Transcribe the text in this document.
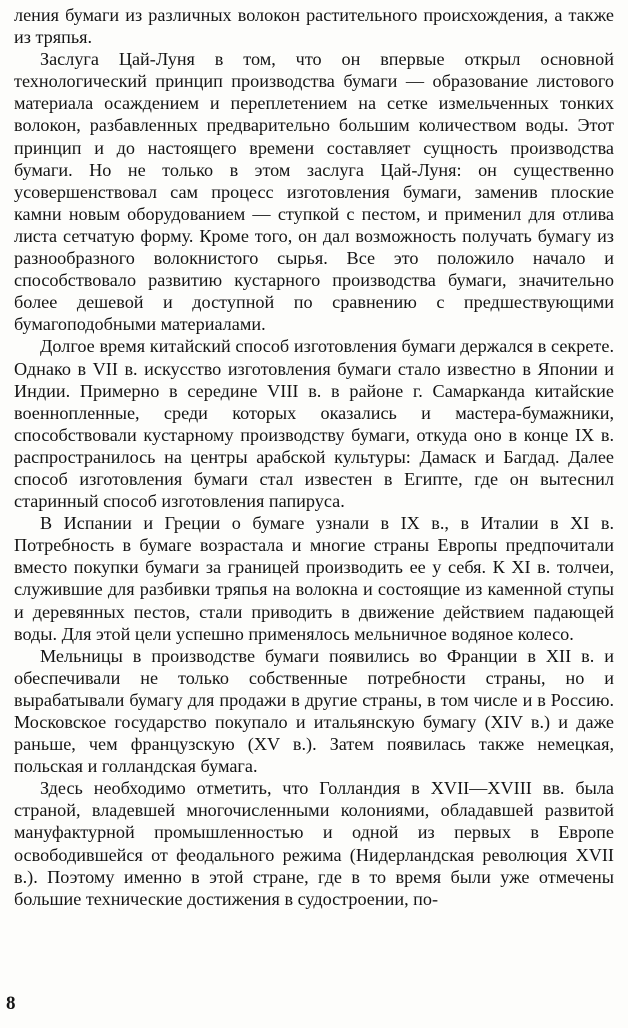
ления бумаги из различных волокон растительного происхождения, а также из тряпья.

Заслуга Цай-Луня в том, что он впервые открыл основной технологический принцип производства бумаги — образование листового материала осаждением и переплетением на сетке измельченных тонких волокон, разбавленных предварительно большим количеством воды. Этот принцип и до настоящего времени составляет сущность производства бумаги. Но не только в этом заслуга Цай-Луня: он существенно усовершенствовал сам процесс изготовления бумаги, заменив плоские камни новым оборудованием — ступкой с пестом, и применил для отлива листа сетчатую форму. Кроме того, он дал возможность получать бумагу из разнообразного волокнистого сырья. Все это положило начало и способствовало развитию кустарного производства бумаги, значительно более дешевой и доступной по сравнению с предшествующими бумагоподобными материалами.

Долгое время китайский способ изготовления бумаги держался в секрете. Однако в VII в. искусство изготовления бумаги стало известно в Японии и Индии. Примерно в середине VIII в. в районе г. Самарканда китайские военнопленные, среди которых оказались и мастера-бумажники, способствовали кустарному производству бумаги, откуда оно в конце IX в. распространилось на центры арабской культуры: Дамаск и Багдад. Далее способ изготовления бумаги стал известен в Египте, где он вытеснил старинный способ изготовления папируса.

В Испании и Греции о бумаге узнали в IX в., в Италии в XI в. Потребность в бумаге возрастала и многие страны Европы предпочитали вместо покупки бумаги за границей производить ее у себя. К XI в. толчеи, служившие для разбивки тряпья на волокна и состоящие из каменной ступы и деревянных пестов, стали приводить в движение действием падающей воды. Для этой цели успешно применялось мельничное водяное колесо.

Мельницы в производстве бумаги появились во Франции в XII в. и обеспечивали не только собственные потребности страны, но и вырабатывали бумагу для продажи в другие страны, в том числе и в Россию. Московское государство покупало и итальянскую бумагу (XIV в.) и даже раньше, чем французскую (XV в.). Затем появилась также немецкая, польская и голландская бумага.

Здесь необходимо отметить, что Голландия в XVII—XVIII вв. была страной, владевшей многочисленными колониями, обладавшей развитой мануфактурной промышленностью и одной из первых в Европе освободившейся от феодального режима (Нидерландская революция XVII в.). Поэтому именно в этой стране, где в то время были уже отмечены большие технические достижения в судостроении, по-

8
